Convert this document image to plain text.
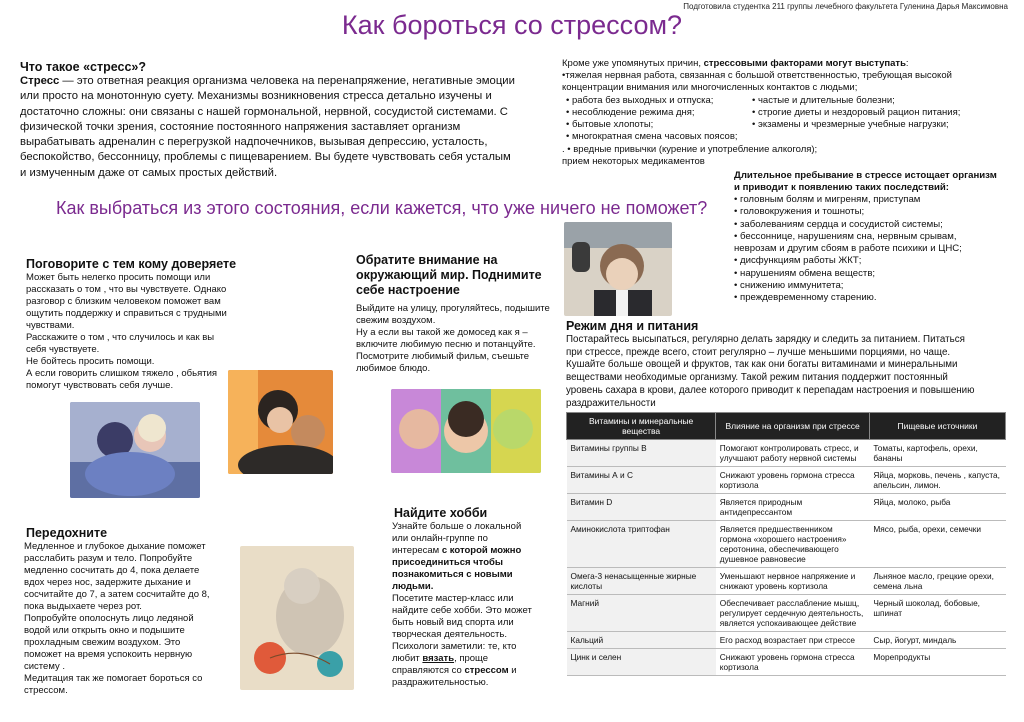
Подготовила студентка 211 группы лечебного факультета Гуленина Дарья Максимовна
Как бороться со стрессом?
Что такое «стресс»?
Стресс — это ответная реакция организма человека на перенапряжение, негативные эмоции или просто на монотонную суету. Механизмы возникновения стресса детально изучены и достаточно сложны: они связаны с нашей гормональной, нервной, сосудистой системами. С физической точки зрения, состояние постоянного напряжения заставляет организм вырабатывать адреналин с перегрузкой надпочечников, вызывая депрессию, усталость, беспокойство, бессонницу, проблемы с пищеварением. Вы будете чувствовать себя усталым и измученным даже от самых простых действий.
Кроме уже упомянутых причин, стрессовыми факторами могут выступать:
•тяжелая нервная работа, связанная с большой ответственностью, требующая высокой концентрации внимания или многочисленных контактов с людьми;
• работа без выходных и отпуска;
• несоблюдение режима дня;
• бытовые хлопоты;
• многократная смена часовых поясов;
• частые и длительные болезни;
• строгие диеты и нездоровый рацион питания;
• экзамены и чрезмерные учебные нагрузки;
. • вредные привычки (курение и употребление алкоголя);
прием некоторых медикаментов
Как выбраться из этого состояния, если кажется, что уже ничего не поможет?
Длительное пребывание в стрессе истощает организм и приводит к появлению таких последствий:
• головным болям и мигреням, приступам
• головокружения и тошноты;
• заболеваниям сердца и сосудистой системы;
• бессоннице, нарушениям сна, нервным срывам, неврозам и другим сбоям в работе психики и ЦНС;
• дисфункциям работы ЖКТ;
• нарушениям обмена веществ;
• снижению иммунитета;
• преждевременному старению.
Поговорите с тем кому доверяете
Может быть нелегко просить помощи или рассказать о том , что вы чувствуете. Однако разговор с близким человеком поможет вам ощутить поддержку и справиться с трудными чувствами.
Расскажите о том , что случилось и как вы себя чувствуете.
Не бойтесь просить помощи.
А если говорить слишком тяжело , обьятия помогут чувствовать себя лучше.
Обратите внимание на окружающий мир. Поднимите себе настроение
Выйдите на улицу, прогуляйтесь, подышите свежим воздухом.
Ну а если вы такой же домосед как я – включите любимую песню и потанцуйте. Посмотрите любимый фильм, съешьте любимое блюдо.
Режим дня и питания
Постарайтесь высыпаться, регулярно делать зарядку и следить за питанием. Питаться при стрессе, прежде всего, стоит регулярно – лучше меньшими порциями, но чаще. Кушайте больше овощей и фруктов, так как они богаты витаминами и минеральными веществами необходимые организму. Такой режим питания поддержит постоянный уровень сахара в крови, далее которого приводит к перепадам настроения и повышению раздражительности
Витамины и минеральные вещества	Влияние на организм при стрессе	Пищевые источники
Витамины группы В	Помогают контролировать стресс, и улучшают работу нервной системы	Томаты, картофель, орехи, бананы
Витамины А и С	Снижают уровень гормона стресса кортизола	Яйца, морковь, печень , капуста, апельсин, лимон.
Витамин D	Является природным антидепрессантом	Яйца, молоко, рыба
Аминокислота триптофан	Является предшественником гормона «хорошего настроения» серотонина, обеспечивающего душевное равновесие	Мясо, рыба, орехи, семечки
Омега-3 ненасыщенные жирные кислоты	Уменьшают нервное напряжение и снижают уровень кортизола	Льняное масло, грецкие орехи, семена льна
Магний	Обеспечивает расслабление мышц, регулирует сердечную деятельность, является успокаивающее действие	Черный шоколад, бобовые, шпинат
Кальций	Его расход возрастает при стрессе	Сыр, йогурт, миндаль
Цинк и селен	Снижают уровень гормона стресса кортизола	Морепродукты
Передохните
Медленное и глубокое дыхание поможет расслабить разум и тело. Попробуйте медленно сосчитать до 4, пока делаете вдох через нос, задержите дыхание и сосчитайте до 7, а затем сосчитайте до 8, пока выдыхаете через рот.
Попробуйте ополоснуть лицо ледяной водой или открыть окно и подышите прохладным свежим воздухом. Это поможет на время успокоить нервную систему .
Медитация так же помогает бороться со стрессом.
Найдите хобби
Узнайте больше о локальной или онлайн-группе по интересам с которой можно присоединиться чтобы познакомиться с новыми людьми.
Посетите мастер-класс или найдите себе хобби. Это может быть новый вид спорта или творческая деятельность.
Психологи заметили: те, кто любит вязать, проще справляются со стрессом и раздражительностью.
